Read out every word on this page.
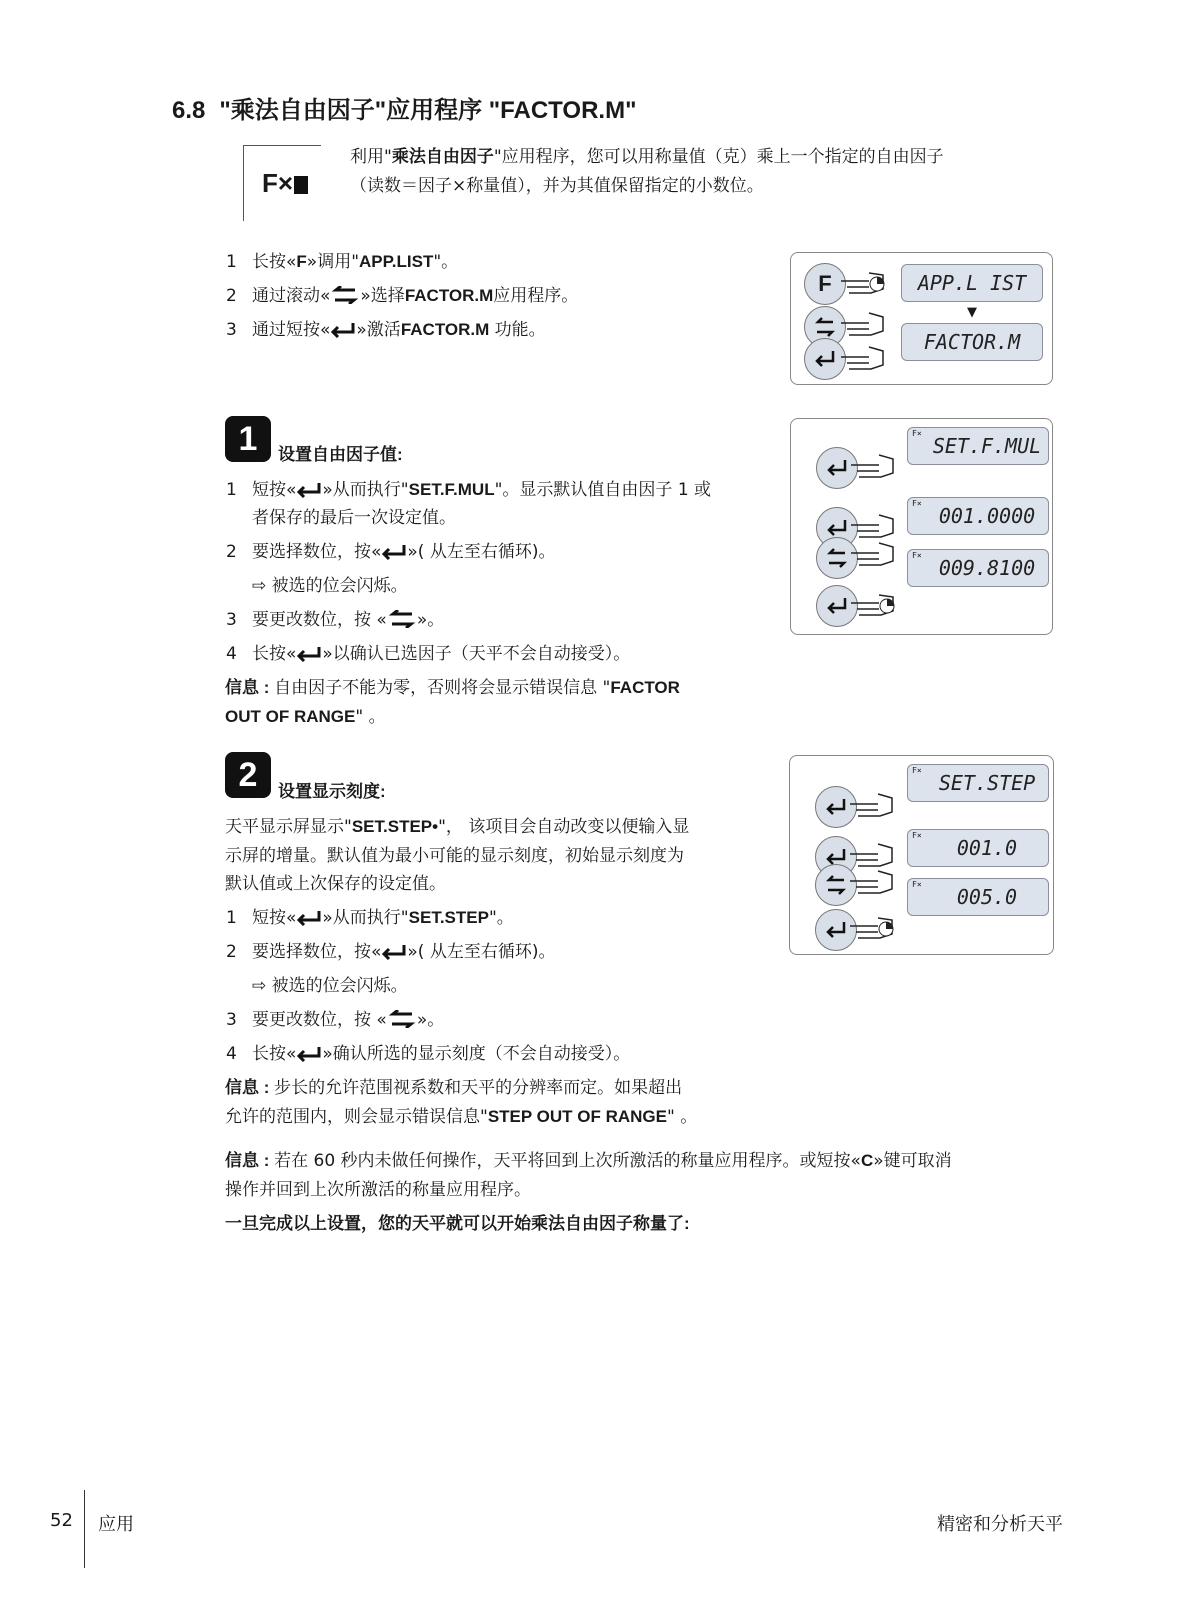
6.8 "乘法自由因子"应用程序 "FACTOR.M"
F×
利用"乘法自由因子"应用程序，您可以用称量值（克）乘上一个指定的自由因子
（读数＝因子×称量值），并为其值保留指定的小数位。
1 长按«F»调用"APP.LIST"。
2 通过滚动« »选择FACTOR.M应用程序。
3 通过短按« »激活FACTOR.M 功能。
F	APP.L IST
▼
FACTOR.M
1	设置自由因子值:
1 短按« »从而执行"SET.F.MUL"。显示默认值自由因子 1 或
者保存的最后一次设定值。
2 要选择数位，按« »( 从左至右循环)。
⇨ 被选的位会闪烁。
3 要更改数位，按 « »。
4 长按« »以确认已选因子（天平不会自动接受）。
信息 : 自由因子不能为零，否则将会显示错误信息 "FACTOR
OUT OF RANGE" 。
F×
SET.F.MUL
F×
001.0000
F×
009.8100
2	设置显示刻度:
天平显示屏显示"SET.STEP•"， 该项目会自动改变以便输入显
示屏的增量。默认值为最小可能的显示刻度，初始显示刻度为
默认值或上次保存的设定值。
1 短按« »从而执行"SET.STEP"。
2 要选择数位，按« »( 从左至右循环)。
⇨ 被选的位会闪烁。
3 要更改数位，按 « »。
4 长按« »确认所选的显示刻度（不会自动接受）。
信息 : 步长的允许范围视系数和天平的分辨率而定。如果超出
允许的范围内，则会显示错误信息"STEP OUT OF RANGE" 。
F×
SET.STEP
F×
001.0
F×
005.0
信息 : 若在 60 秒内未做任何操作，天平将回到上次所激活的称量应用程序。或短按«C»键可取消
操作并回到上次所激活的称量应用程序。
一旦完成以上设置，您的天平就可以开始乘法自由因子称量了:
52 应用	精密和分析天平
